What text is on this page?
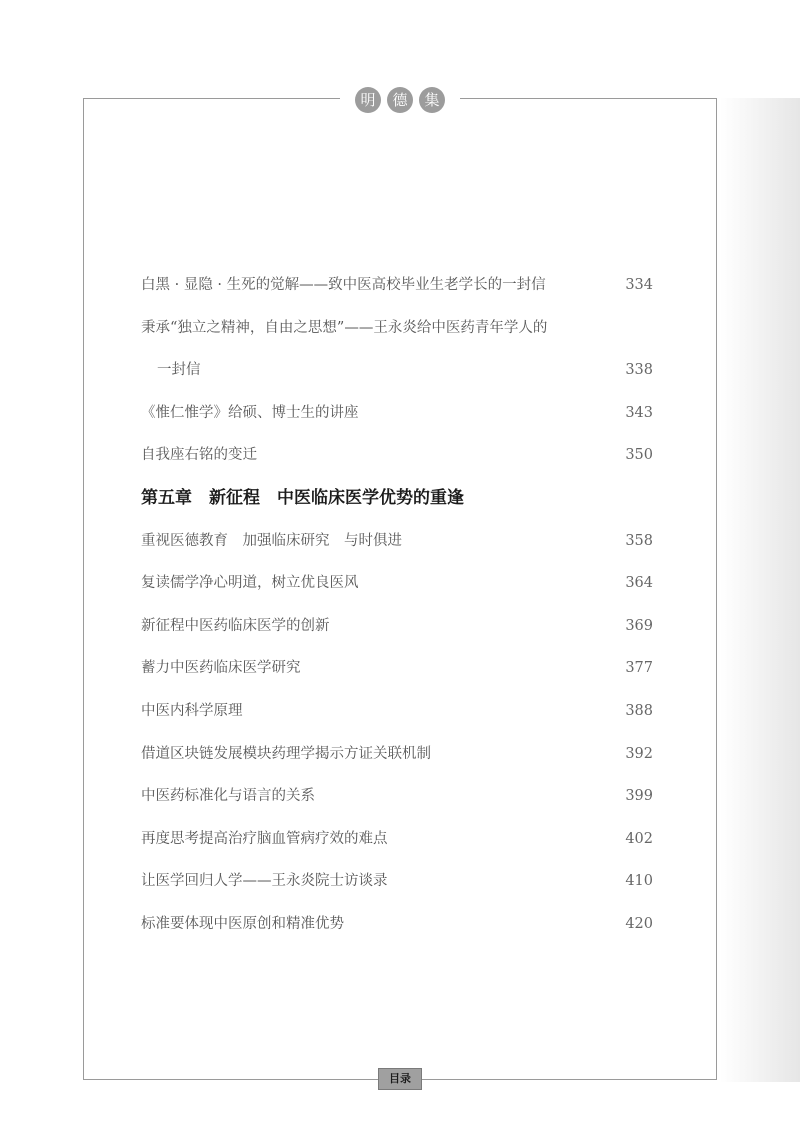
明	德	集
白黑 · 显隐 · 生死的觉解——致中医高校毕业生老学长的一封信	334
秉承“独立之精神，自由之思想”——王永炎给中医药青年学人的
一封信	338
《惟仁惟学》给硕、博士生的讲座	343
自我座右铭的变迁	350
第五章　新征程　中医临床医学优势的重逢
重视医德教育　加强临床研究　与时俱进	358
复读儒学净心明道，树立优良医风	364
新征程中医药临床医学的创新	369
蓄力中医药临床医学研究	377
中医内科学原理	388
借道区块链发展模块药理学揭示方证关联机制	392
中医药标准化与语言的关系	399
再度思考提高治疗脑血管病疗效的难点	402
让医学回归人学——王永炎院士访谈录	410
标准要体现中医原创和精准优势	420
目录
